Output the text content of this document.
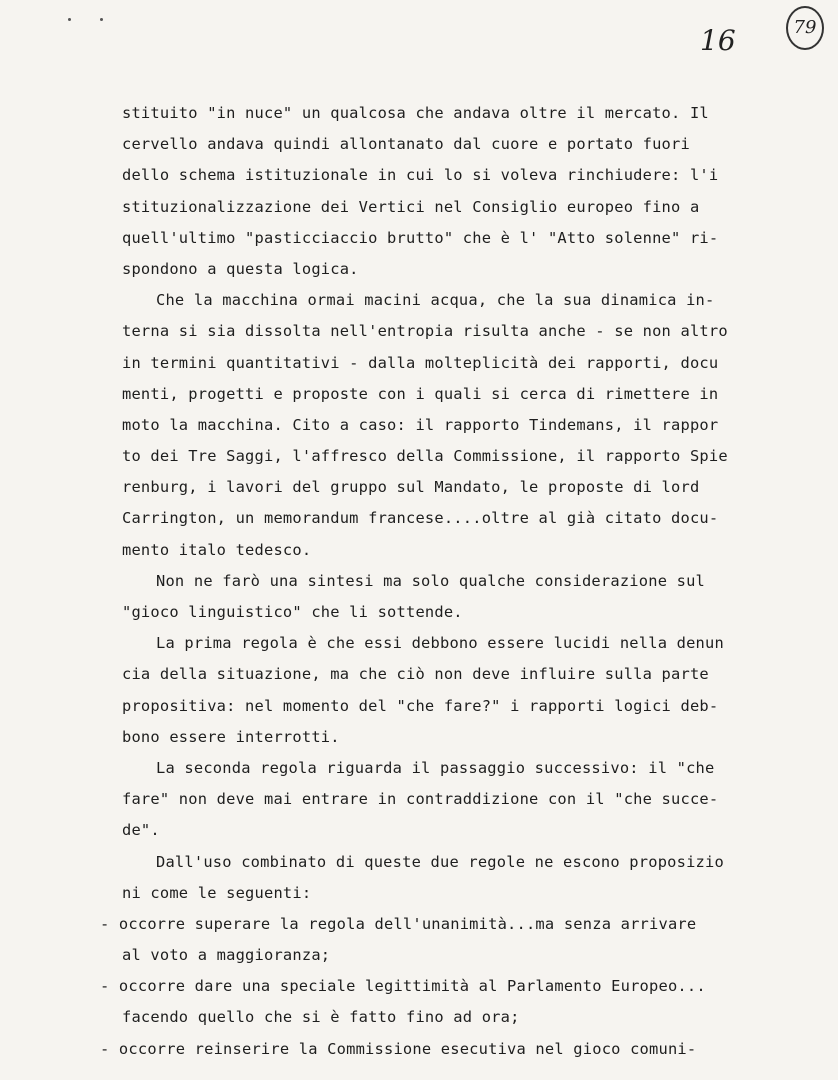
16	79
stituito "in nuce" un qualcosa che andava oltre il mercato. Il
cervello andava quindi allontanato dal cuore e portato fuori
dello schema istituzionale in cui lo si voleva rinchiudere: l'i
stituzionalizzazione dei Vertici nel Consiglio europeo fino a
quell'ultimo "pasticciaccio brutto" che è l' "Atto solenne" ri-
spondono a questa logica.
Che la macchina ormai macini acqua, che la sua dinamica in-
terna si sia dissolta nell'entropia risulta anche - se non altro
in termini quantitativi - dalla molteplicità dei rapporti, docu
menti, progetti e proposte con i quali si cerca di rimettere in
moto la macchina. Cito a caso: il rapporto Tindemans, il rappor
to dei Tre Saggi, l'affresco della Commissione, il rapporto Spie
renburg, i lavori del gruppo sul Mandato, le proposte di lord
Carrington, un memorandum francese....oltre al già citato docu-
mento italo tedesco.
Non ne farò una sintesi ma solo qualche considerazione sul
"gioco linguistico" che li sottende.
La prima regola è che essi debbono essere lucidi nella denun
cia della situazione, ma che ciò non deve influire sulla parte
propositiva: nel momento del "che fare?" i rapporti logici deb-
bono essere interrotti.
La seconda regola riguarda il passaggio successivo: il "che
fare" non deve mai entrare in contraddizione con il "che succe-
de".
Dall'uso combinato di queste due regole ne escono proposizio
ni come le seguenti:
- occorre superare la regola dell'unanimità...ma senza arrivare
al voto a maggioranza;
- occorre dare una speciale legittimità al Parlamento Europeo...
facendo quello che si è fatto fino ad ora;
- occorre reinserire la Commissione esecutiva nel gioco comuni-
